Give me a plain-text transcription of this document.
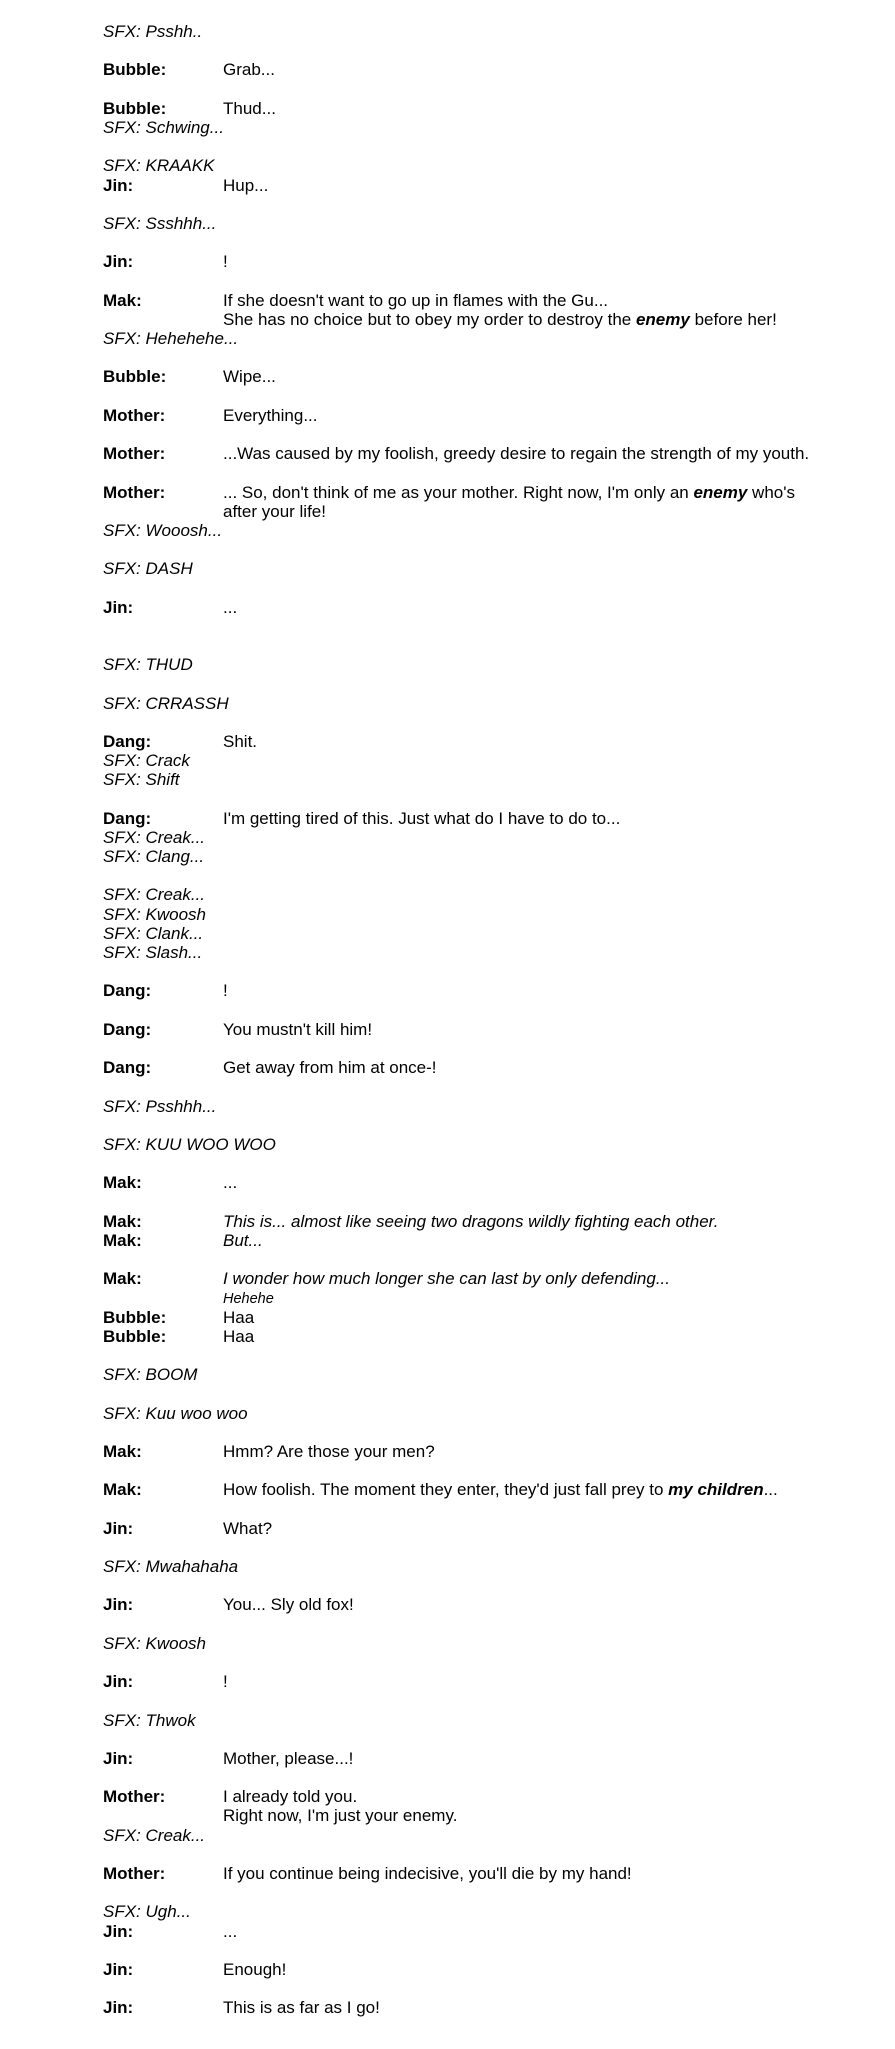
SFX: Psshh..
Bubble:	Grab...
Bubble:	Thud...
SFX: Schwing...
SFX: KRAAKK
Jin:	Hup...
SFX: Ssshhh...
Jin:	!
Mak:	If she doesn't want to go up in flames with the Gu...
She has no choice but to obey my order to destroy the enemy before her!
SFX: Hehehehe...
Bubble:	Wipe...
Mother:	Everything...
Mother:	...Was caused by my foolish, greedy desire to regain the strength of my youth.
Mother:	... So, don't think of me as your mother. Right now, I'm only an enemy who's
after your life!
SFX: Wooosh...
SFX: DASH
Jin:	...
SFX: THUD
SFX: CRRASSH
Dang:	Shit.
SFX: Crack
SFX: Shift
Dang:	I'm getting tired of this. Just what do I have to do to...
SFX: Creak...
SFX: Clang...
SFX: Creak...
SFX: Kwoosh
SFX: Clank...
SFX: Slash...
Dang:	!
Dang:	You mustn't kill him!
Dang:	Get away from him at once-!
SFX: Psshhh...
SFX: KUU WOO WOO
Mak:	...
Mak:	This is... almost like seeing two dragons wildly fighting each other.
Mak:	But...
Mak:	I wonder how much longer she can last by only defending...
Hehehe
Bubble:	Haa
Bubble:	Haa
SFX: BOOM
SFX: Kuu woo woo
Mak:	Hmm? Are those your men?
Mak:	How foolish. The moment they enter, they'd just fall prey to my children...
Jin:	What?
SFX: Mwahahaha
Jin:	You... Sly old fox!
SFX: Kwoosh
Jin:	!
SFX: Thwok
Jin:	Mother, please...!
Mother:	I already told you.
Right now, I'm just your enemy.
SFX: Creak...
Mother:	If you continue being indecisive, you'll die by my hand!
SFX: Ugh...
Jin:	...
Jin:	Enough!
Jin:	This is as far as I go!
